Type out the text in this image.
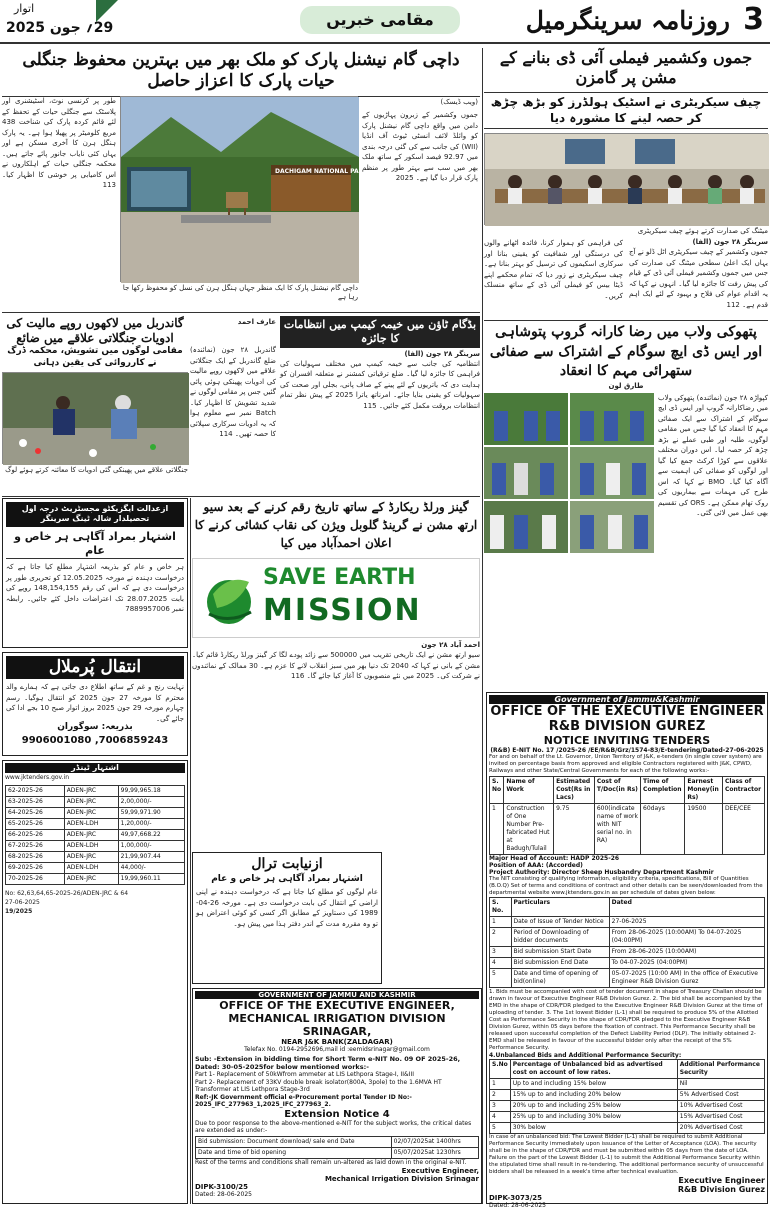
3
روزنامہ سرینگرمیل
مقامی خبریں
اتوار
29؍ جون 2025
جموں وکشمیر فیملی آئی ڈی بنانے کے مشن پر گامزن
چیف سیکریٹری نے اسٹیک ہولڈرز کو بڑھ چڑھ کر حصہ لینے کا مشورہ دیا
میٹنگ کی صدارت کرتے ہوئے چیف سیکریٹری
کی فراہمی کو ہموار کرنا، فائدہ اٹھانے والوں کی درستگی اور شفافیت کو یقینی بنانا اور سرکاری اسکیموں کی ترسیل کو بہتر بنانا ہے۔ چیف سیکریٹری نے زور دیا کہ تمام محکمے اپنے ڈیٹا بیس کو فیملی آئی ڈی کے ساتھ منسلک کریں۔
سرینگر ۲۸ جون (الفا)
جموں وکشمیر کے چیف سیکریٹری اٹل ڈلو نے آج یہاں ایک اعلیٰ سطحی میٹنگ کی صدارت کی جس میں جموں وکشمیر فیملی آئی ڈی کے قیام کی پیش رفت کا جائزہ لیا گیا۔ انہوں نے کہا کہ یہ اقدام عوام کی فلاح و بہبود کے لئے ایک اہم قدم ہے۔ 112
داچی گام نیشنل پارک کو ملک بھر میں بہترین محفوظ جنگلی حیات پارک کا اعزاز حاصل
(ویب ڈیسک)
DACHIGAM NATIONAL PARK
طور پر کرنسی نوٹ، اسٹیشنری اور پلاسٹک سے جنگلی حیات کے تحفظ کے لئے قائم کردہ پارک کی شناخت 438 مربع کلومیٹر پر پھیلا ہوا ہے۔ یہ پارک ہنگل ہرن کا آخری مسکن ہے اور یہاں کئی نایاب جانور پائے جاتے ہیں۔ محکمہ جنگلی حیات کے اہلکاروں نے اس کامیابی پر خوشی کا اظہار کیا۔ 113
جموں وکشمیر کے زبرون پہاڑیوں کے دامن میں واقع داچی گام نیشنل پارک کو وائلڈ لائف انسٹی ٹیوٹ آف انڈیا (WII) کی جانب سے کی گئی درجہ بندی میں 92.97 فیصد اسکور کے ساتھ ملک بھر میں سب سے بہتر طور پر منظم پارک قرار دیا گیا ہے۔ 2025
داچی گام نیشنل پارک کا ایک منظر جہاں ہنگل ہرن کی نسل کو محفوظ رکھا جا رہا ہے
گاندربل میں لاکھوں روپے مالیت کی ادویات جنگلاتی علاقے میں ضائع
مقامی لوگوں میں تشویش، محکمہ ڈرگ نے کارروائی کی یقین دہانی
جنگلاتی علاقے میں پھینکی گئی ادویات کا معائنہ کرتے ہوئے لوگ
عارف احمد
گاندربل ۲۸ جون (نمائندہ) ضلع گاندربل کے ایک جنگلاتی علاقے میں لاکھوں روپے مالیت کی ادویات پھینکی ہوئی پائی گئیں جس پر مقامی لوگوں نے شدید تشویش کا اظہار کیا۔ Batch نمبر سے معلوم ہوا کہ یہ ادویات سرکاری سپلائی کا حصہ تھیں۔ 114
بڈگام ٹاؤن میں خیمہ کیمپ میں انتظامات کا جائزہ
سرینگر ۲۸ جون (الفا)
انتظامیہ کی جانب سے خیمہ کیمپ میں مختلف سہولیات کی فراہمی کا جائزہ لیا گیا۔ ضلع ترقیاتی کمشنر نے متعلقہ افسران کو ہدایت دی کہ یاتریوں کے لئے پینے کے صاف پانی، بجلی اور صحت کی سہولیات کو یقینی بنایا جائے۔ امرناتھ یاترا 2025 کے پیش نظر تمام انتظامات بروقت مکمل کئے جائیں۔ 115
ازعدالت ایگزیکٹو مجسٹریٹ درجہ اول تحصیلدار شالہ ٹینگ سرینگر
اشتہار بمراد آگاہی ہر خاص و عام
ہر خاص و عام کو بذریعہ اشتہار مطلع کیا جاتا ہے کہ درخواست دہندہ نے مورخہ 12.05.2025 کو تحریری طور پر درخواست دی ہے کہ اس کی رقم 148,154,155 روپے کی بابت 28.07.2025 تک اعتراضات داخل کئے جائیں۔ رابطہ نمبر 7889957006
انتقال پُرملال
نہایت رنج و غم کے ساتھ اطلاع دی جاتی ہے کہ ہمارے والد محترم کا مورخہ 27 جون 2025 کو انتقال ہوگیا۔ رسم چہارم مورخہ 29 جون 2025 بروز اتوار صبح 10 بجے ادا کی جائے گی۔
بذریعہ: سوگوران
7006859243, 9906001080
اشتہار ٹینڈر
www.jktenders.gov.in
62-2025-26	ADEN-JRC	99,99,965.18
63-2025-26	ADEN-JRC	2,00,000/-
64-2025-26	ADEN-JRC	59,99,971.90
65-2025-26	ADEN-LDH	1,20,000/-
66-2025-26	ADEN-JRC	49,97,668.22
67-2025-26	ADEN-LDH	1,00,000/-
68-2025-26	ADEN-JRC	21,99,907.44
69-2025-26	ADEN-LDH	44,000/-
70-2025-26	ADEN-JRC	19,99,960.11
No: 62,63,64,65-2025-26/ADEN-JRC & 64
27-06-2025
19/2025
گینز ورلڈ ریکارڈ کے ساتھ تاریخ رقم کرنے کے بعد سیو ارتھ مشن نے گرینڈ گلوبل ویژن کی نقاب کشائی کرنے کا اعلان احمدآباد میں کیا
SAVE EARTH
MISSION
احمد آباد ۲۸ جون
سیو ارتھ مشن نے ایک تاریخی تقریب میں 500000 سے زائد پودے لگا کر گینز ورلڈ ریکارڈ قائم کیا۔ مشن کے بانی نے کہا کہ 2040 تک دنیا بھر میں سبز انقلاب لانے کا عزم ہے۔ 30 ممالک کے نمائندوں نے شرکت کی۔ 2025 میں نئے منصوبوں کا آغاز کیا جائے گا۔ 116
ازنیابت ترال
اشتہار بمراد آگاہی ہر خاص و عام
عام لوگوں کو مطلع کیا جاتا ہے کہ درخواست دہندہ نے اپنی اراضی کے انتقال کی بابت درخواست دی ہے۔ مورخہ 26-04-1989 کی دستاویز کے مطابق اگر کسی کو کوئی اعتراض ہو تو وہ مقررہ مدت کے اندر دفتر ہذا میں پیش ہو۔
GOVERNMENT OF JAMMU AND KASHMIR
OFFICE OF THE EXECUTIVE ENGINEER,
MECHANICAL IRRIGATION DIVISION SRINAGAR,
NEAR J&K BANK(ZALDAGAR)
Telefax No. 0194-2952696,mail id :eemidsrinagar@gmail.com
Sub: -Extension in bidding time for Short Term e-NIT No. 09 OF 2025-26, Dated: 30-05-2025for below mentioned works:-
Part 1- Replacement of 50kWfrom ammeter at LIS Lethpora Stage-I, II&III
Part 2- Replacement of 33KV double break isolator(800A, 3pole) to the 1.6MVA HT Transformer at LIS Lethpora Stage-3rd
Ref:-JK Government official e-Procurement portal Tender ID No:- 2025_IFC_277963_1,2025_IFC_277963_2.
Extension Notice 4
Due to poor response to the above-mentioned e-NIT for the subject works, the critical dates are extended as under:-
Bid submission: Document download/ sale end Date	02/07/2025at 1400hrs
Date and time of bid opening	05/07/2025at 1230hrs
Rest of the terms and conditions shall remain un-altered as laid down in the original e-NIT.
Executive Engineer,
Mechanical Irrigation Division Srinagar
DIPK-3100/25
Dated: 28-06-2025
پتھوکی ولاب میں رضا کارانہ گروپ پتوشاہی اور ایس ڈی ایچ سوگام کے اشتراک سے صفائی ستھرائی مہم کا انعقاد
طارق لون
کپواڑہ ۲۸ جون (نمائندہ) پتھوکی ولاب میں رضاکارانہ گروپ اور ایس ڈی ایچ سوگام کے اشتراک سے ایک صفائی مہم کا انعقاد کیا گیا جس میں مقامی لوگوں، طلبہ اور طبی عملے نے بڑھ چڑھ کر حصہ لیا۔ اس دوران مختلف علاقوں سے کوڑا کرکٹ جمع کیا گیا اور لوگوں کو صفائی کی اہمیت سے آگاہ کیا گیا۔ BMO نے کہا کہ اس طرح کی مہمات سے بیماریوں کی روک تھام ممکن ہے۔ ORS کی تقسیم بھی عمل میں لائی گئی۔
Government of Jammu&Kashmir
OFFICE OF THE EXECUTIVE ENGINEER
R&B DIVISION GUREZ
NOTICE INVITING TENDERS
(R&B) E-NIT No. 17 /2025-26 /EE/R&B/Grz/1574-83/E-tendering/Dated-27-06-2025
For and on behalf of the Lt. Governor, Union Territory of J&K, e-tenders (in single cover system) are invited on percentage basis from approved and eligible Contractors registered with J&K, CPWD, Railways and other State/Central Governments for each of the following works:-
S. No	Name of Work	Estimated Cost(Rs in Lacs)	Cost of T/Doc(in Rs)	Time of Completion	Earnest Money(in Rs)	Class of Contractor
1	Construction of One Number Pre-fabricated Hut at Badugh/Tulail	9.75	600(indicate name of work with NIT serial no. in RA)	60days	19500	DEE/CEE
Major Head of Account: HADP 2025-26
Position of AAA: (Accorded)
Project Authority: Director Sheep Husbandry Department Kashmir
The NIT consisting of qualifying information, eligibility criteria, specifications, Bill of Quantities (B.O.Q) Set of terms and conditions of contract and other details can be seen/downloaded from the departmental website www.jktenders.gov.in as per schedule of dates given below:
S. No.	Particulars	Dated
1	Date of Issue of Tender Notice	27-06-2025
2	Period of Downloading of bidder documents	From 28-06-2025 (10:00AM) To 04-07-2025 (04:00PM)
3	Bid submission Start Date	From 28-06-2025 (10:00AM)
4	Bid submission End Date	To 04-07-2025 (04:00PM)
5	Date and time of opening of bid(online)	05-07-2025 (10:00 AM) In the office of Executive Engineer R&B Division Gurez
1. Bids must be accompanied with cost of tender document in shape of Treasury Challan should be drawn in favour of Executive Engineer R&B Division Gurez. 2. The bid shall be accompanied by the EMD in the shape of CDR/FDR pledged to the Executive Engineer R&B Division Gurez at the time of uploading of tender. 3. The 1st lowest Bidder (L-1) shall be required to produce 5% of the Allotted Cost as Performance Security in the shape of CDR/FDR pledged to the Executive Engineer R&B Division Gurez, within 05 days before the fixation of contract. This Performance Security shall be released upon successful completion of the Defect Liability Period (DLP). The initially obtained 2-EMD shall be released in favour of the successful bidder only after the receipt of the 5% Performance Security.
4.Unbalanced Bids and Additional Performance Security:
S.No	Percentage of Unbalanced bid as advertised cost on account of low rates.	Additional Performance Security
1	Up to and including 15% below	Nil
2	15% up to and including 20% below	5% Advertised Cost
3	20% up to and including 25% below	10% Advertised Cost
4	25% up to and including 30% below	15% Advertised Cost
5	30% below	20% Advertised Cost
In case of an unbalanced bid: The Lowest Bidder (L-1) shall be required to submit Additional Performance Security immediately upon issuance of the Letter of Acceptance (LOA). The security shall be in the shape of CDR/FDR and must be submitted within 05 days from the date of LOA. Failure on the part of the Lowest Bidder (L-1) to submit the Additional Performance Security within the stipulated time shall result in re-tendering. The additional performance security of unsuccessful bidders shall be released in a week's time after technical evaluation.
Executive Engineer
R&B Division Gurez
DIPK-3073/25
Dated: 28-06-2025
